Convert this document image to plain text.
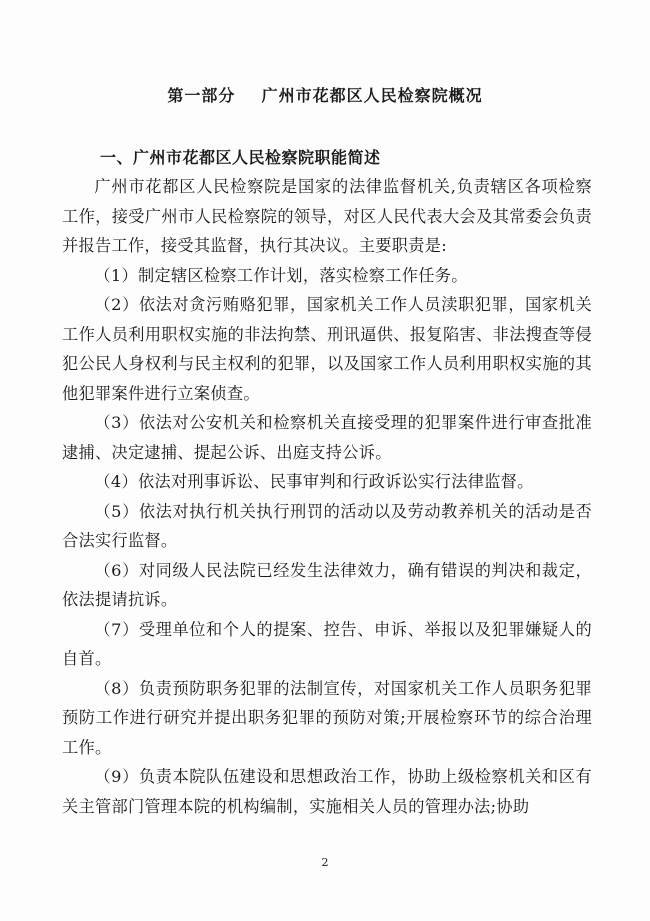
第一部分    广州市花都区人民检察院概况
一、广州市花都区人民检察院职能简述

广州市花都区人民检察院是国家的法律监督机关,负责辖区各项检察工作，接受广州市人民检察院的领导，对区人民代表大会及其常委会负责并报告工作，接受其监督，执行其决议。主要职责是:

（1）制定辖区检察工作计划，落实检察工作任务。

（2）依法对贪污贿赂犯罪，国家机关工作人员渎职犯罪，国家机关工作人员利用职权实施的非法拘禁、刑讯逼供、报复陷害、非法搜查等侵犯公民人身权利与民主权利的犯罪，以及国家工作人员利用职权实施的其他犯罪案件进行立案侦查。

（3）依法对公安机关和检察机关直接受理的犯罪案件进行审查批准逮捕、决定逮捕、提起公诉、出庭支持公诉。

（4）依法对刑事诉讼、民事审判和行政诉讼实行法律监督。

（5）依法对执行机关执行刑罚的活动以及劳动教养机关的活动是否合法实行监督。

（6）对同级人民法院已经发生法律效力，确有错误的判决和裁定，依法提请抗诉。

（7）受理单位和个人的提案、控告、申诉、举报以及犯罪嫌疑人的自首。

（8）负责预防职务犯罪的法制宣传，对国家机关工作人员职务犯罪预防工作进行研究并提出职务犯罪的预防对策;开展检察环节的综合治理工作。

（9）负责本院队伍建设和思想政治工作，协助上级检察机关和区有关主管部门管理本院的机构编制，实施相关人员的管理办法;协助

2
